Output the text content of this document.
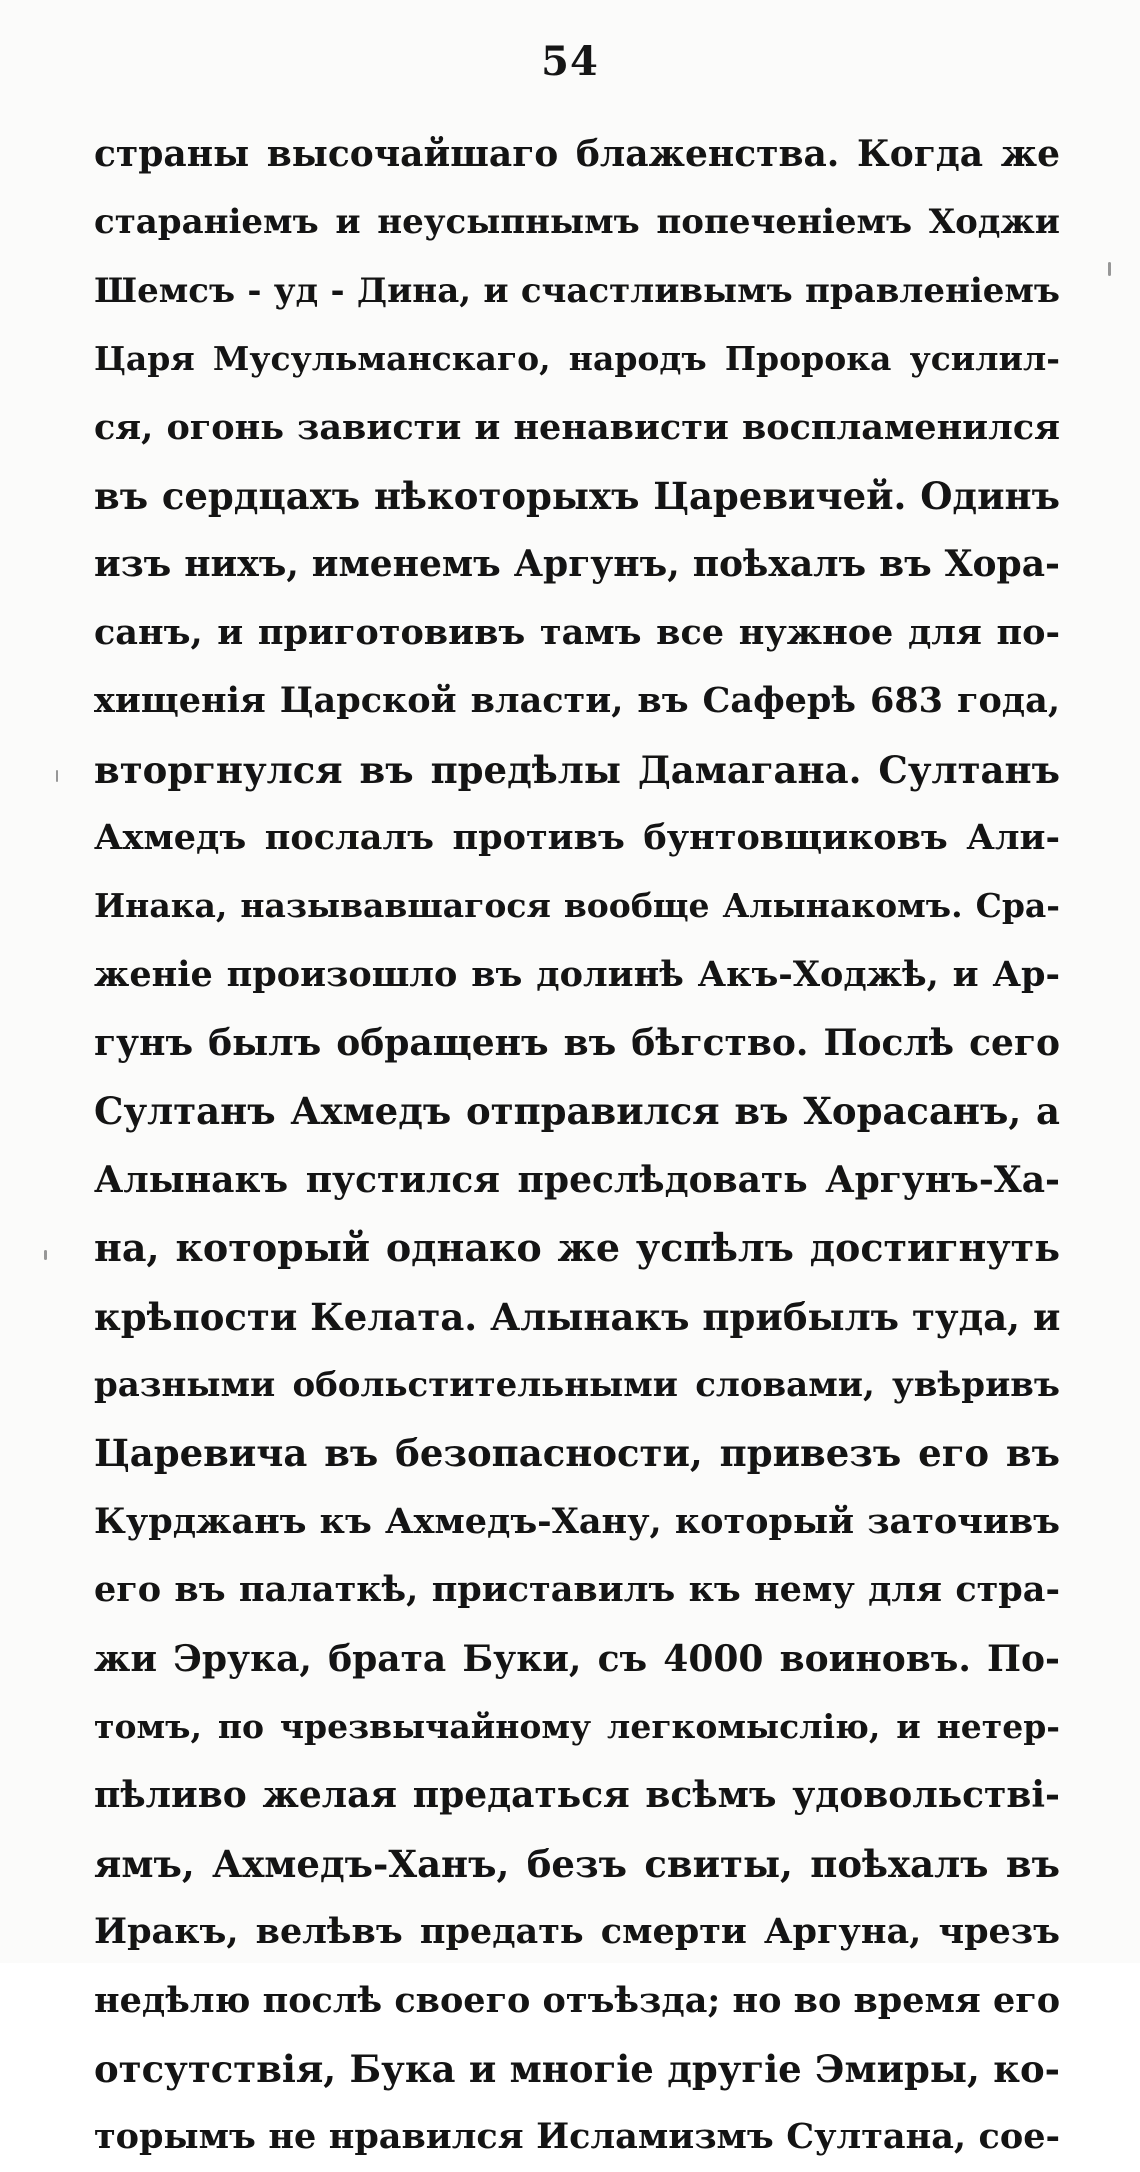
54
страны высочайшаго блаженства. Когда же
стараніемъ и неусыпнымъ попеченіемъ Ходжи
Шемсъ - уд - Дина, и счастливымъ правленіемъ
Царя Мусульманскаго, народъ Пророка усилил-
ся, огонь зависти и ненависти воспламенился
въ сердцахъ нѣкоторыхъ Царевичей. Одинъ
изъ нихъ, именемъ Аргунъ, поѣхалъ въ Хора-
санъ, и приготовивъ тамъ все нужное для по-
хищенія Царской власти, въ Саферѣ 683 года,
вторгнулся въ предѣлы Дамагана. Султанъ
Ахмедъ послалъ противъ бунтовщиковъ Али-
Инака, называвшагося вообще Алынакомъ. Сра-
женіе произошло въ долинѣ Акъ-Ходжѣ, и Ар-
гунъ былъ обращенъ въ бѣгство. Послѣ сего
Султанъ Ахмедъ отправился въ Хорасанъ, а
Алынакъ пустился преслѣдовать Аргунъ-Ха-
на, который однако же успѣлъ достигнуть
крѣпости Келата. Алынакъ прибылъ туда, и
разными обольстительными словами, увѣривъ
Царевича въ безопасности, привезъ его въ
Курджанъ къ Ахмедъ-Хану, который заточивъ
его въ палаткѣ, приставилъ къ нему для стра-
жи Эрука, брата Буки, съ 4000 воиновъ. По-
томъ, по чрезвычайному легкомыслію, и нетер-
пѣливо желая предаться всѣмъ удовольствi-
ямъ, Ахмедъ-Ханъ, безъ свиты, поѣхалъ въ
Иракъ, велѣвъ предать смерти Аргуна, чрезъ
недѣлю послѣ своего отъѣзда; но во время его
отсутствія, Бука и многіе другіе Эмиры, ко-
торымъ не нравился Исламизмъ Султана, сое-
